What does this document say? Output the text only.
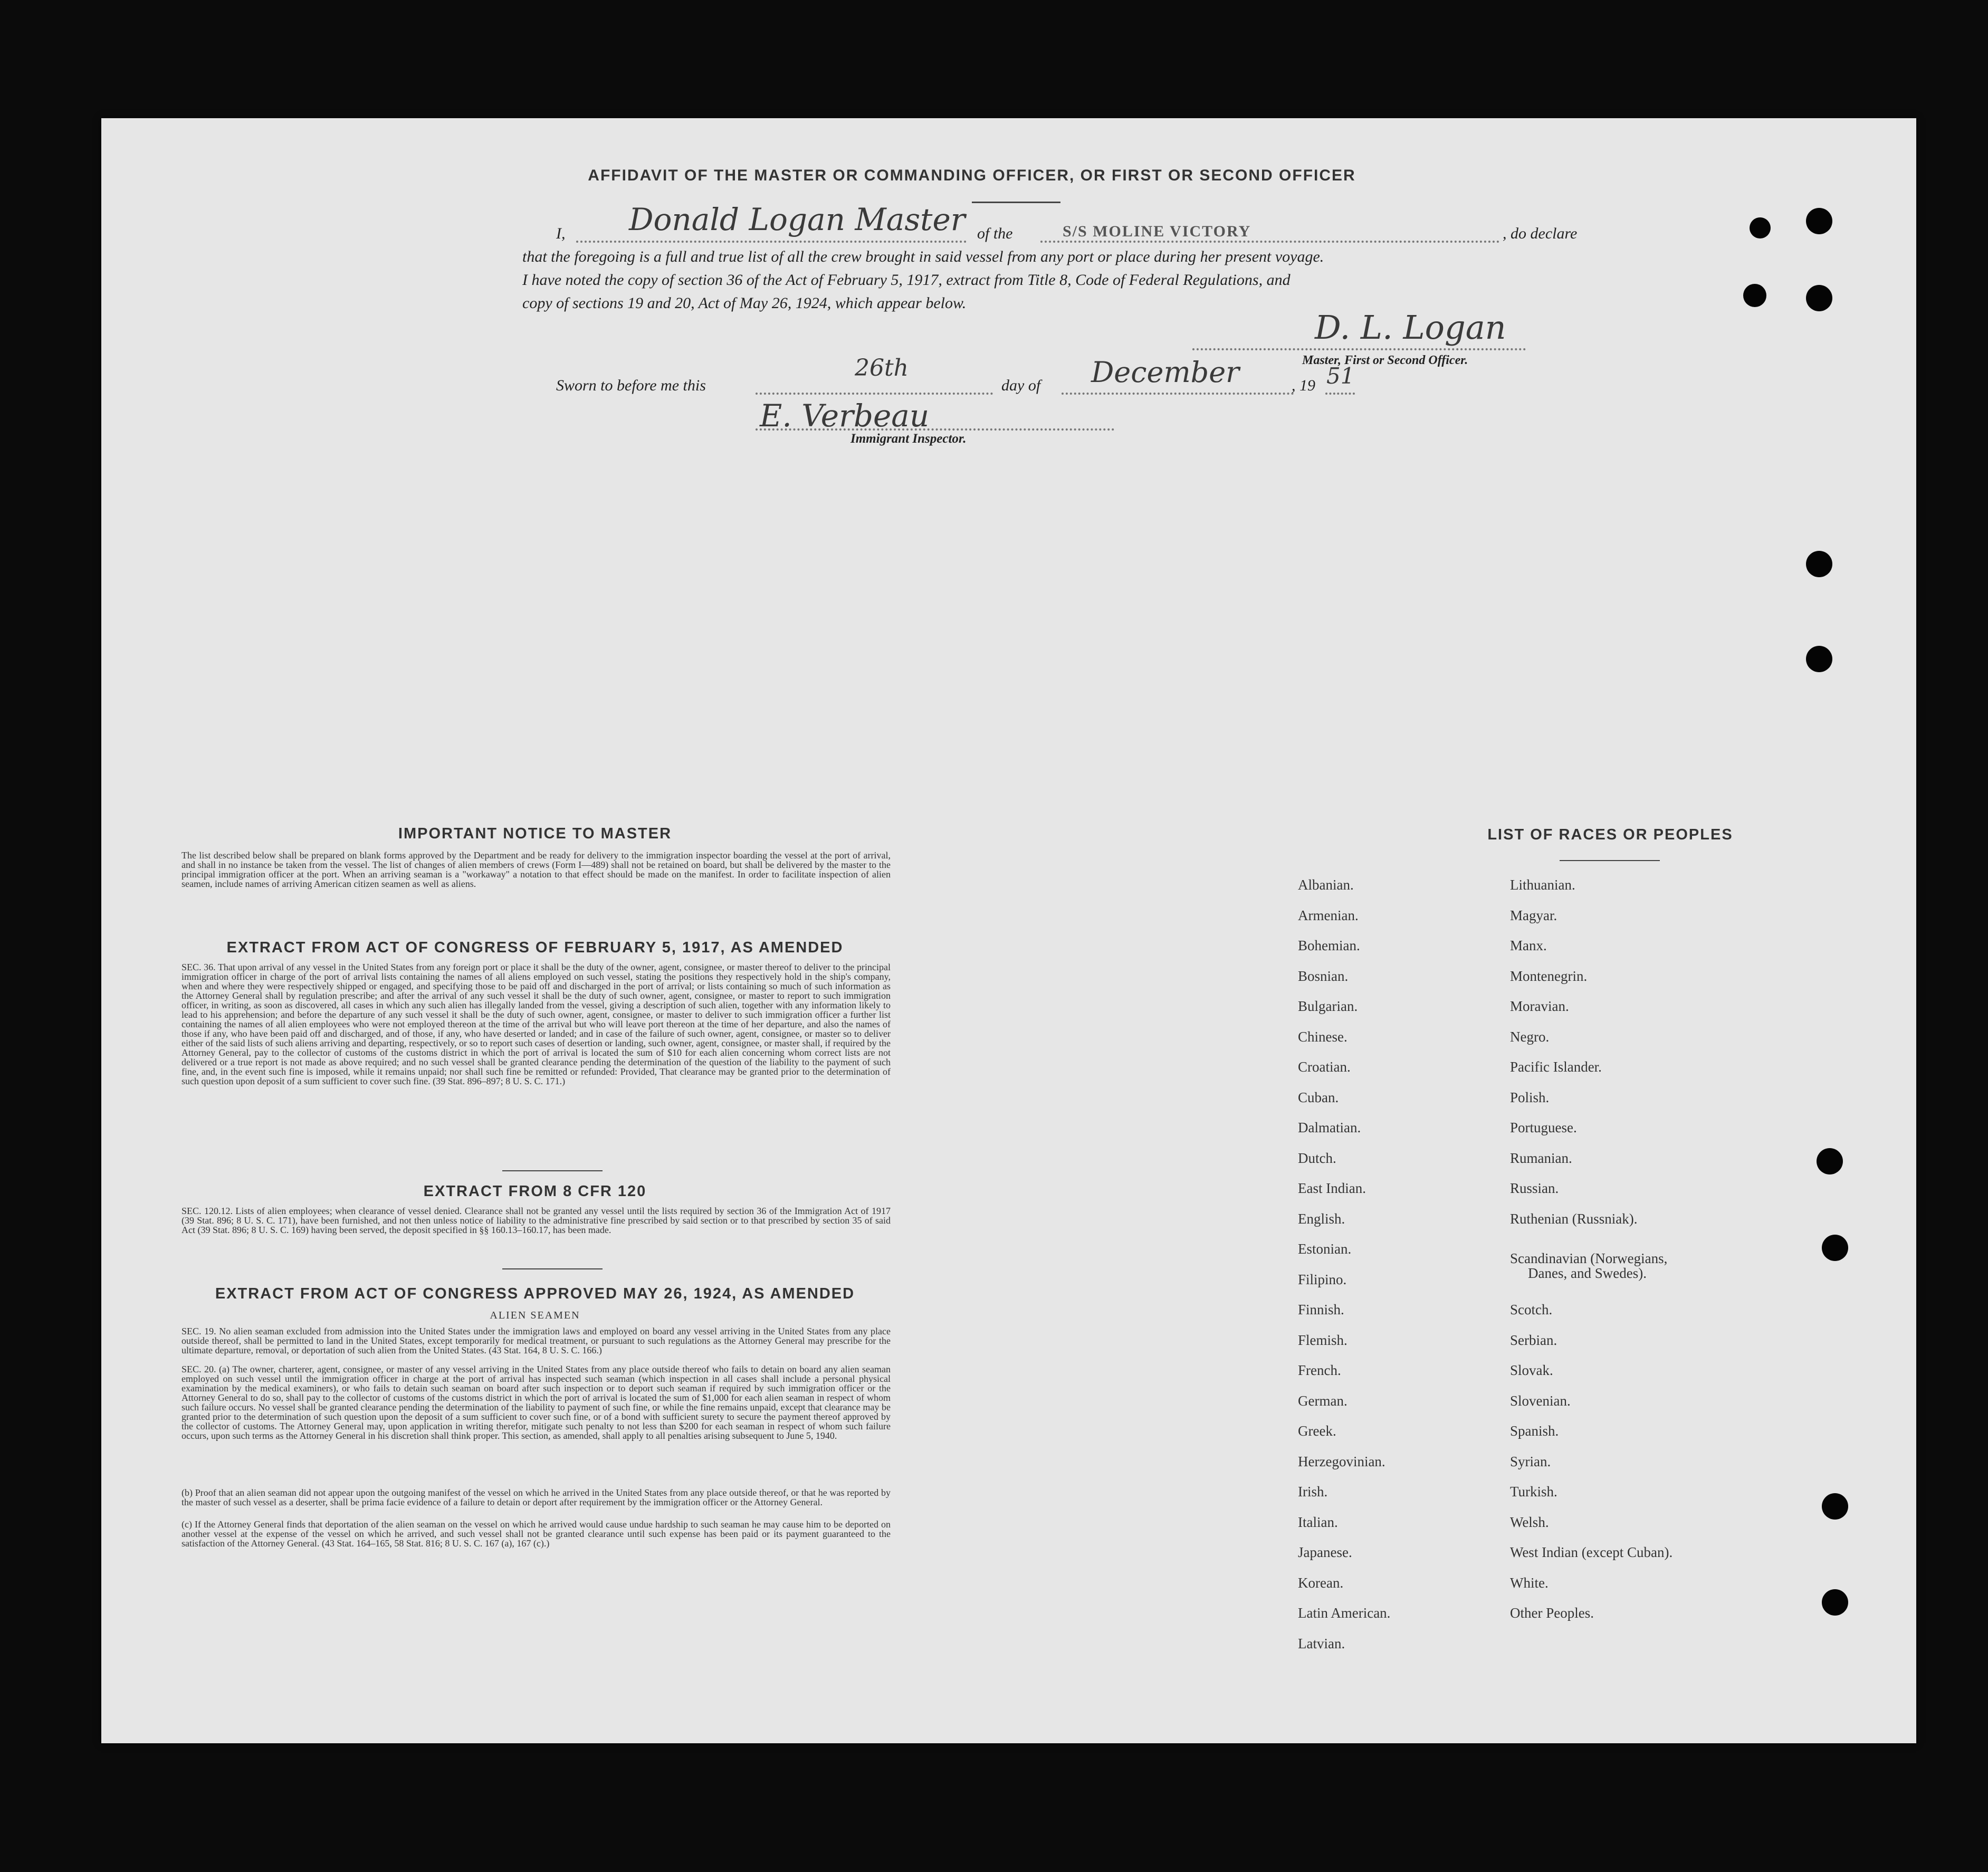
AFFIDAVIT OF THE MASTER OR COMMANDING OFFICER, OR FIRST OR SECOND OFFICER
I, Donald Logan Master of the	S/S MOLINE VICTORY	, do declare
that the foregoing is a full and true list of all the crew brought in said vessel from any port or place during her present voyage.
I have noted the copy of section 36 of the Act of February 5, 1917, extract from Title 8, Code of Federal Regulations, and
copy of sections 19 and 20, Act of May 26, 1924, which appear below.
D. L. Logan
Master, First or Second Officer.
Sworn to before me this
26th
day of December	, 19 51
E. Verbeau
Immigrant Inspector.
IMPORTANT NOTICE TO MASTER
The list described below shall be prepared on blank forms approved by the Department and be ready for delivery to the immigration inspector boarding the vessel at the port of arrival, and shall in no instance be taken from the vessel. The list of changes of alien members of crews (Form I—489) shall not be retained on board, but shall be delivered by the master to the principal immigration officer at the port. When an arriving seaman is a "workaway" a notation to that effect should be made on the manifest. In order to facilitate inspection of alien seamen, include names of arriving American citizen seamen as well as aliens.
EXTRACT FROM ACT OF CONGRESS OF FEBRUARY 5, 1917, AS AMENDED
SEC. 36. That upon arrival of any vessel in the United States from any foreign port or place it shall be the duty of the owner, agent, consignee, or master thereof to deliver to the principal immigration officer in charge of the port of arrival lists containing the names of all aliens employed on such vessel, stating the positions they respectively hold in the ship's company, when and where they were respectively shipped or engaged, and specifying those to be paid off and discharged in the port of arrival; or lists containing so much of such information as the Attorney General shall by regulation prescribe; and after the arrival of any such vessel it shall be the duty of such owner, agent, consignee, or master to report to such immigration officer, in writing, as soon as discovered, all cases in which any such alien has illegally landed from the vessel, giving a description of such alien, together with any information likely to lead to his apprehension; and before the departure of any such vessel it shall be the duty of such owner, agent, consignee, or master to deliver to such immigration officer a further list containing the names of all alien employees who were not employed thereon at the time of the arrival but who will leave port thereon at the time of her departure, and also the names of those if any, who have been paid off and discharged, and of those, if any, who have deserted or landed; and in case of the failure of such owner, agent, consignee, or master so to deliver either of the said lists of such aliens arriving and departing, respectively, or so to report such cases of desertion or landing, such owner, agent, consignee, or master shall, if required by the Attorney General, pay to the collector of customs of the customs district in which the port of arrival is located the sum of $10 for each alien concerning whom correct lists are not delivered or a true report is not made as above required; and no such vessel shall be granted clearance pending the determination of the question of the liability to the payment of such fine, and, in the event such fine is imposed, while it remains unpaid; nor shall such fine be remitted or refunded: Provided, That clearance may be granted prior to the determination of such question upon deposit of a sum sufficient to cover such fine. (39 Stat. 896–897; 8 U. S. C. 171.)
EXTRACT FROM 8 CFR 120
SEC. 120.12. Lists of alien employees; when clearance of vessel denied. Clearance shall not be granted any vessel until the lists required by section 36 of the Immigration Act of 1917 (39 Stat. 896; 8 U. S. C. 171), have been furnished, and not then unless notice of liability to the administrative fine prescribed by said section or to that prescribed by section 35 of said Act (39 Stat. 896; 8 U. S. C. 169) having been served, the deposit specified in §§ 160.13–160.17, has been made.
EXTRACT FROM ACT OF CONGRESS APPROVED MAY 26, 1924, AS AMENDED
ALIEN SEAMEN
SEC. 19. No alien seaman excluded from admission into the United States under the immigration laws and employed on board any vessel arriving in the United States from any place outside thereof, shall be permitted to land in the United States, except temporarily for medical treatment, or pursuant to such regulations as the Attorney General may prescribe for the ultimate departure, removal, or deportation of such alien from the United States. (43 Stat. 164, 8 U. S. C. 166.)
SEC. 20. (a) The owner, charterer, agent, consignee, or master of any vessel arriving in the United States from any place outside thereof who fails to detain on board any alien seaman employed on such vessel until the immigration officer in charge at the port of arrival has inspected such seaman (which inspection in all cases shall include a personal physical examination by the medical examiners), or who fails to detain such seaman on board after such inspection or to deport such seaman if required by such immigration officer or the Attorney General to do so, shall pay to the collector of customs of the customs district in which the port of arrival is located the sum of $1,000 for each alien seaman in respect of whom such failure occurs. No vessel shall be granted clearance pending the determination of the liability to payment of such fine, or while the fine remains unpaid, except that clearance may be granted prior to the determination of such question upon the deposit of a sum sufficient to cover such fine, or of a bond with sufficient surety to secure the payment thereof approved by the collector of customs. The Attorney General may, upon application in writing therefor, mitigate such penalty to not less than $200 for each seaman in respect of whom such failure occurs, upon such terms as the Attorney General in his discretion shall think proper. This section, as amended, shall apply to all penalties arising subsequent to June 5, 1940.
(b) Proof that an alien seaman did not appear upon the outgoing manifest of the vessel on which he arrived in the United States from any place outside thereof, or that he was reported by the master of such vessel as a deserter, shall be prima facie evidence of a failure to detain or deport after requirement by the immigration officer or the Attorney General.
(c) If the Attorney General finds that deportation of the alien seaman on the vessel on which he arrived would cause undue hardship to such seaman he may cause him to be deported on another vessel at the expense of the vessel on which he arrived, and such vessel shall not be granted clearance until such expense has been paid or its payment guaranteed to the satisfaction of the Attorney General. (43 Stat. 164–165, 58 Stat. 816; 8 U. S. C. 167 (a), 167 (c).)
LIST OF RACES OR PEOPLES
Albanian.
Armenian.
Bohemian.
Bosnian.
Bulgarian.
Chinese.
Croatian.
Cuban.
Dalmatian.
Dutch.
East Indian.
English.
Estonian.
Filipino.
Finnish.
Flemish.
French.
German.
Greek.
Herzegovinian.
Irish.
Italian.
Japanese.
Korean.
Latin American.
Latvian.
Lithuanian.
Magyar.
Manx.
Montenegrin.
Moravian.
Negro.
Pacific Islander.
Polish.
Portuguese.
Rumanian.
Russian.
Ruthenian (Russniak).
Scandinavian (Norwegians,
Danes, and Swedes).
Scotch.
Serbian.
Slovak.
Slovenian.
Spanish.
Syrian.
Turkish.
Welsh.
West Indian (except Cuban).
White.
Other Peoples.
